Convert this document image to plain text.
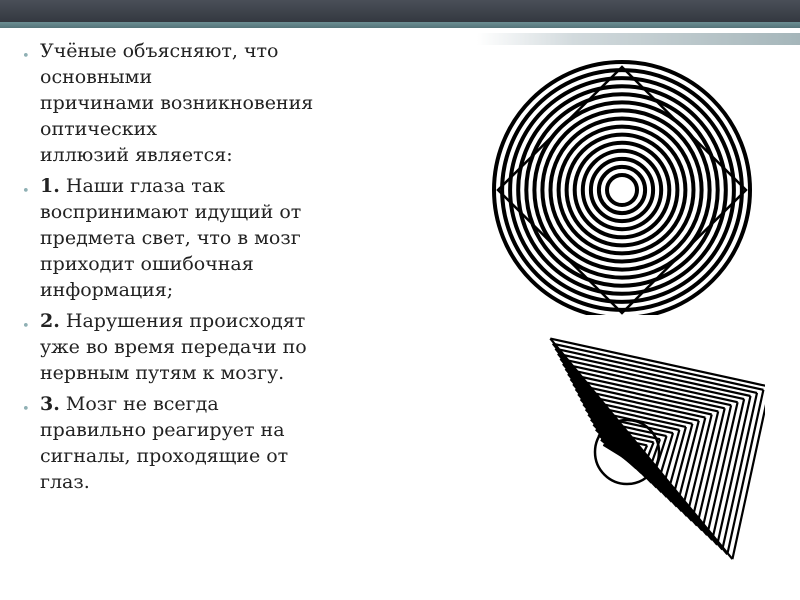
• Учёные объясняют, что
основными
причинами возникновения
оптических
иллюзий является:
• 1. Наши глаза так
воспринимают идущий от
предмета свет, что в мозг
приходит ошибочная
информация;
• 2. Нарушения происходят
уже во время передачи по
нервным путям к мозгу.
• 3. Мозг не всегда
правильно реагирует на
сигналы, проходящие от
глаз.
